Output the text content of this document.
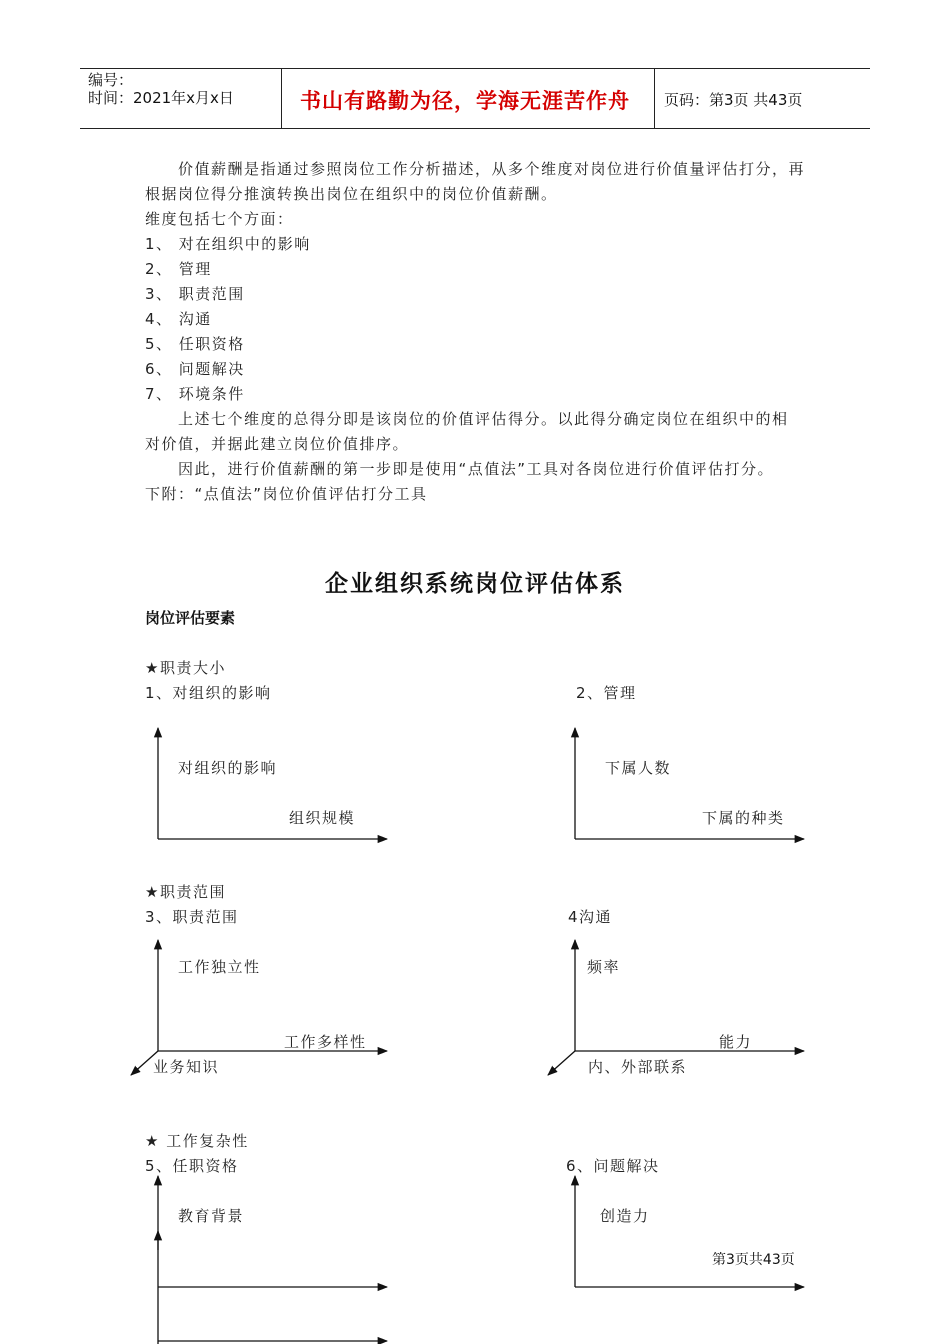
编号：
时间：2021年x月x日	书山有路勤为径，学海无涯苦作舟 页码：第3页 共43页
价值薪酬是指通过参照岗位工作分析描述，从多个维度对岗位进行价值量评估打分，再
根据岗位得分推演转换出岗位在组织中的岗位价值薪酬。
维度包括七个方面：
1、 对在组织中的影响
2、 管理
3、 职责范围
4、 沟通
5、 任职资格
6、 问题解决
7、 环境条件
上述七个维度的总得分即是该岗位的价值评估得分。以此得分确定岗位在组织中的相
对价值，并据此建立岗位价值排序。
因此，进行价值薪酬的第一步即是使用“点值法”工具对各岗位进行价值评估打分。
下附：“点值法”岗位价值评估打分工具
企业组织系统岗位评估体系
岗位评估要素
★职责大小
★职责范围
★ 工作复杂性
1、对组织的影响	2、管理
对组织的影响
组织规模
下属人数
下属的种类
3、职责范围	4沟通
工作独立性
工作多样性
业务知识
频率
能力
内、外部联系
5、任职资格	6、问题解决
教育背景	创造力
第3页共43页
